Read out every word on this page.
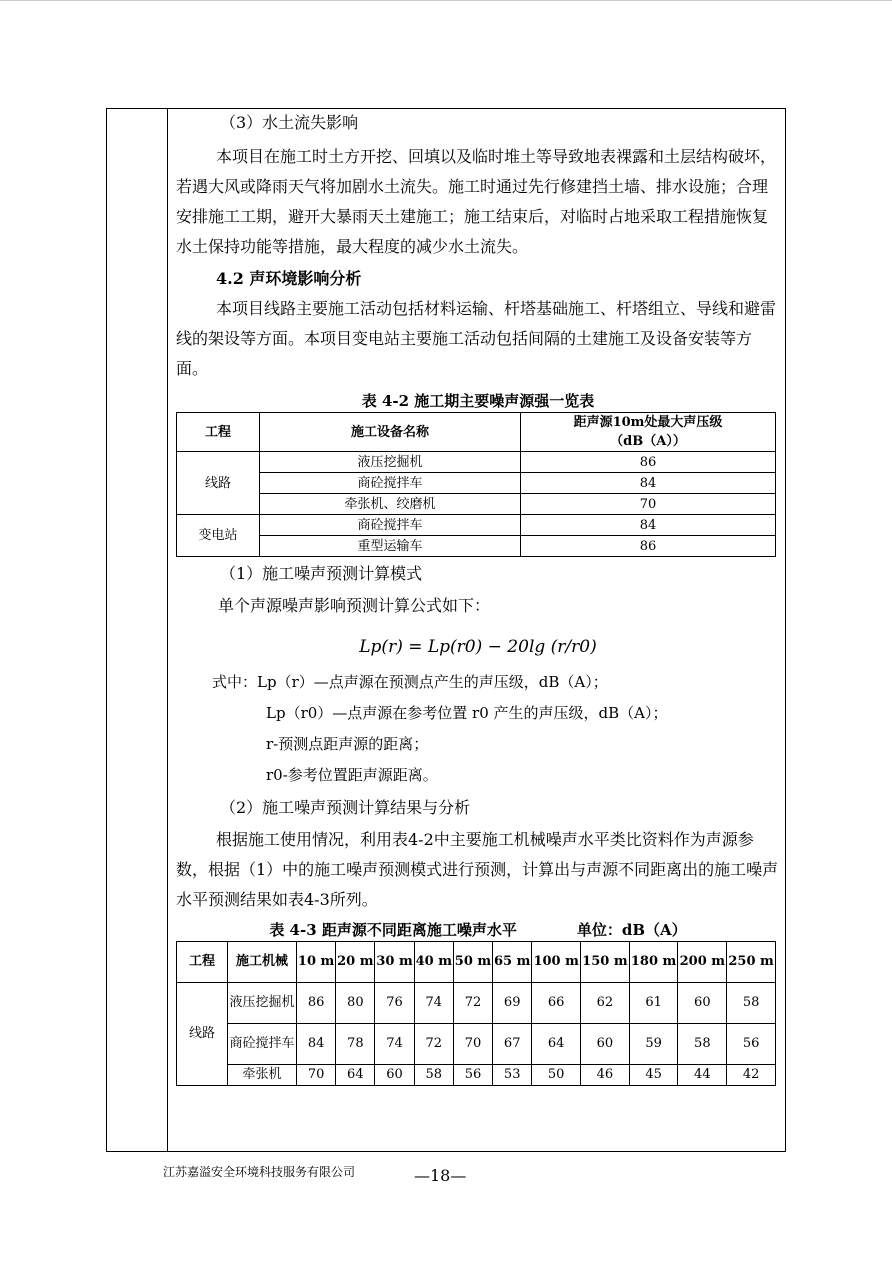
（3）水土流失影响

本项目在施工时土方开挖、回填以及临时堆土等导致地表裸露和土层结构破坏，若遇大风或降雨天气将加剧水土流失。施工时通过先行修建挡土墙、排水设施；合理安排施工工期，避开大暴雨天土建施工；施工结束后，对临时占地采取工程措施恢复水土保持功能等措施，最大程度的减少水土流失。

4.2 声环境影响分析

本项目线路主要施工活动包括材料运输、杆塔基础施工、杆塔组立、导线和避雷线的架设等方面。本项目变电站主要施工活动包括间隔的土建施工及设备安装等方面。

表 4-2 施工期主要噪声源强一览表

工程	施工设备名称	距声源10m处最大声压级
（dB（A））

线路	液压挖掘机	86
	商砼搅拌车	84
	牵张机、绞磨机	70
变电站	商砼搅拌车	84
	重型运输车	86

（1）施工噪声预测计算模式

单个声源噪声影响预测计算公式如下：

Lp(r) = Lp(r0) − 20lg (r/r0)

式中：Lp（r）—点声源在预测点产生的声压级，dB（A）；

Lp（r0）—点声源在参考位置 r0 产生的声压级，dB（A）；

r-预测点距声源的距离；

r0-参考位置距声源距离。

（2）施工噪声预测计算结果与分析

根据施工使用情况，利用表4-2中主要施工机械噪声水平类比资料作为声源参数，根据（1）中的施工噪声预测模式进行预测，计算出与声源不同距离出的施工噪声水平预测结果如表4-3所列。

表 4-3 距声源不同距离施工噪声水平	单位：dB（A）
工程	施工机械	10 m	20 m	30 m	40 m	50 m	65 m	100 m	150 m	180 m	200 m	250 m
线路	液压挖掘机	86	80	76	74	72	69	66	62	61	60	58
	商砼搅拌车	84	78	74	72	70	67	64	60	59	58	56
	牵张机	70	64	60	58	56	53	50	46	45	44	42
江苏嘉溢安全环境科技服务有限公司	—18—
